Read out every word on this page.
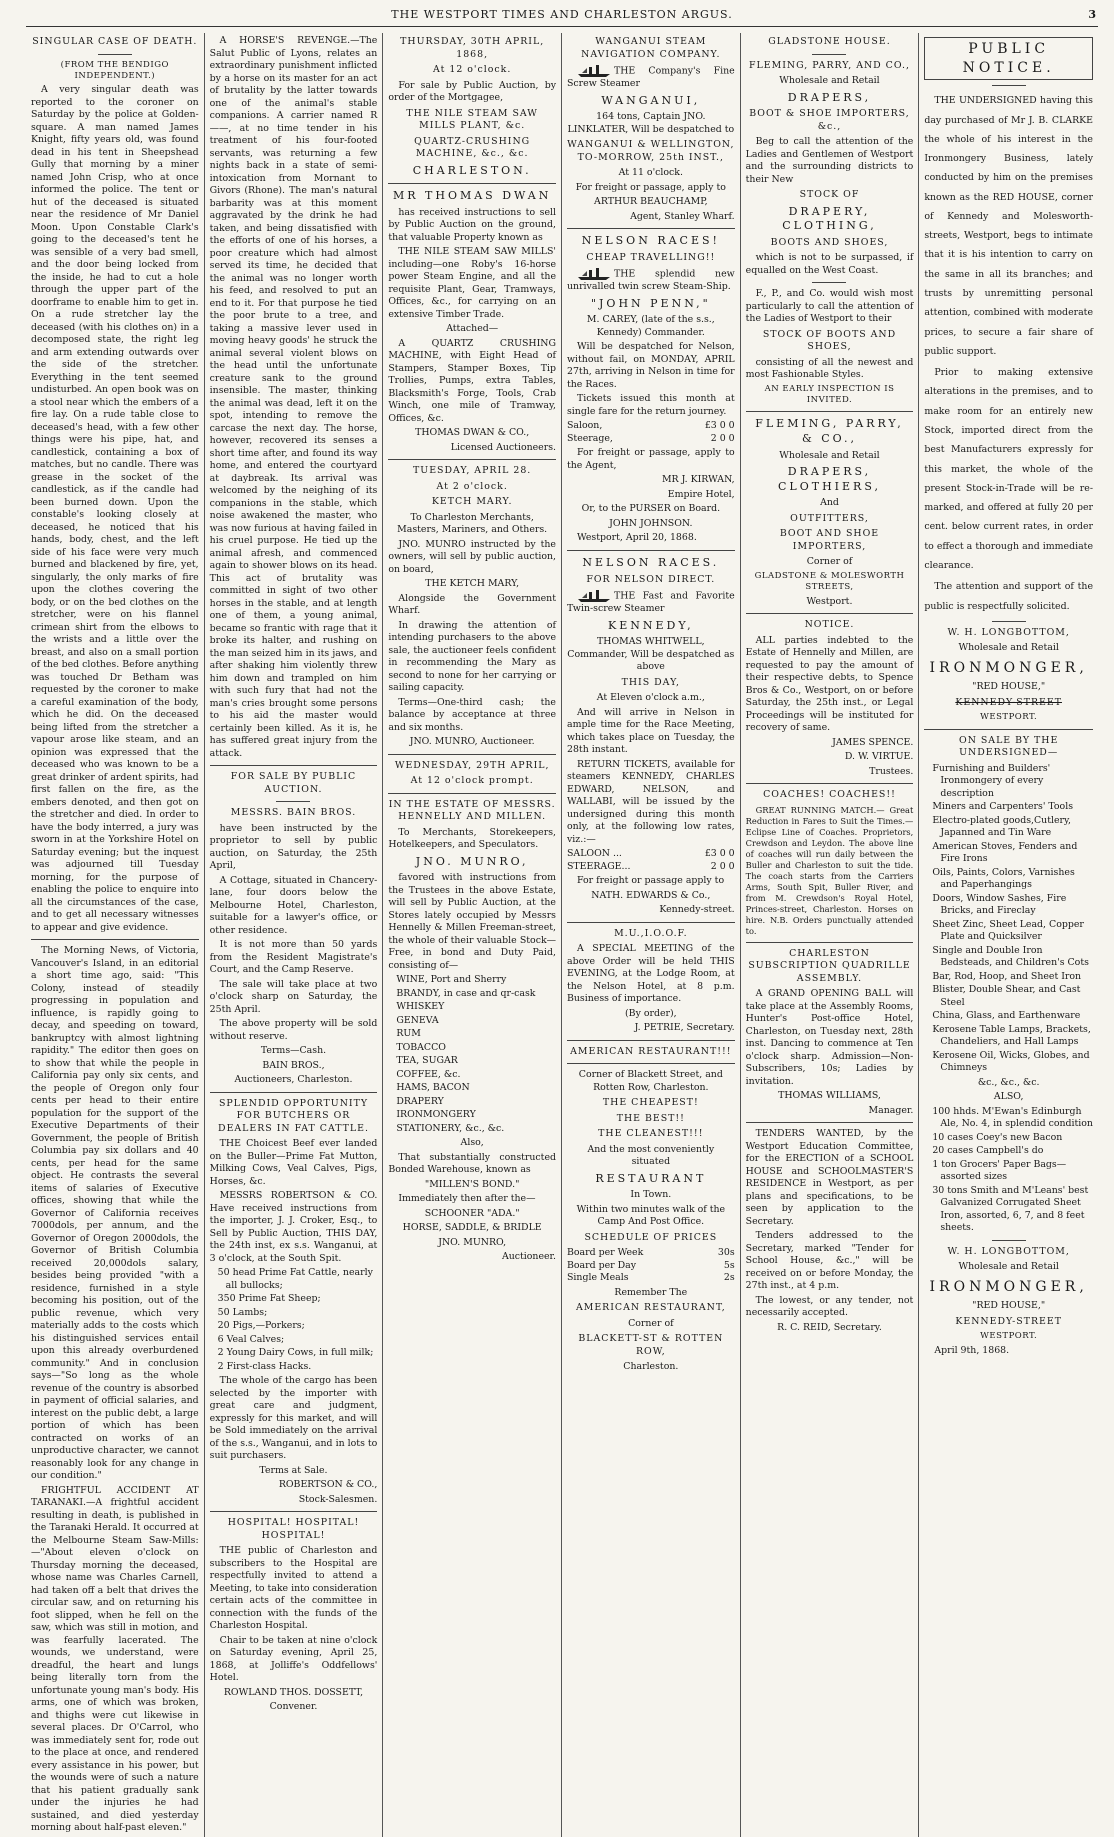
THE WESTPORT TIMES AND CHARLESTON ARGUS.	3
SINGULAR CASE OF DEATH.
(FROM THE BENDIGO INDEPENDENT.)

A very singular death was reported to the coroner on Saturday by the police at Golden-square. A man named James Knight, fifty years old, was found dead in his tent in Sheepshead Gully that morning by a miner named John Crisp, who at once informed the police. The tent or hut of the deceased is situated near the residence of Mr Daniel Moon. Upon Constable Clark's going to the deceased's tent he was sensible of a very bad smell, and the door being locked from the inside, he had to cut a hole through the upper part of the doorframe to enable him to get in. On a rude stretcher lay the deceased (with his clothes on) in a decomposed state, the right leg and arm extending outwards over the side of the stretcher. Everything in the tent seemed undisturbed. An open book was on a stool near which the embers of a fire lay. On a rude table close to deceased's head, with a few other things were his pipe, hat, and candlestick, containing a box of matches, but no candle. There was grease in the socket of the candlestick, as if the candle had been burned down. Upon the constable's looking closely at deceased, he noticed that his hands, body, chest, and the left side of his face were very much burned and blackened by fire, yet, singularly, the only marks of fire upon the clothes covering the body, or on the bed clothes on the stretcher, were on his flannel crimean shirt from the elbows to the wrists and a little over the breast, and also on a small portion of the bed clothes. Before anything was touched Dr Betham was requested by the coroner to make a careful examination of the body, which he did. On the deceased being lifted from the stretcher a vapour arose like steam, and an opinion was expressed that the deceased who was known to be a great drinker of ardent spirits, had first fallen on the fire, as the embers denoted, and then got on the stretcher and died. In order to have the body interred, a jury was sworn in at the Yorkshire Hotel on Saturday evening; but the inquest was adjourned till Tuesday morning, for the purpose of enabling the police to enquire into all the circumstances of the case, and to get all necessary witnesses to appear and give evidence.

The Morning News, of Victoria, Vancouver's Island, in an editorial a short time ago, said: "This Colony, instead of steadily progressing in population and influence, is rapidly going to decay, and speeding on toward, bankruptcy with almost lightning rapidity." The editor then goes on to show that while the people in California pay only six cents, and the people of Oregon only four cents per head to their entire population for the support of the Executive Departments of their Government, the people of British Columbia pay six dollars and 40 cents, per head for the same object. He contrasts the several items of salaries of Executive offices, showing that while the Governor of California receives 7000dols, per annum, and the Governor of Oregon 2000dols, the Governor of British Columbia received 20,000dols salary, besides being provided "with a residence, furnished in a style becoming his position, out of the public revenue, which very materially adds to the costs which his distinguished services entail upon this already overburdened community." And in conclusion says—"So long as the whole revenue of the country is absorbed in payment of official salaries, and interest on the public debt, a large portion of which has been contracted on works of an unproductive character, we cannot reasonably look for any change in our condition."

FRIGHTFUL ACCIDENT AT TARANAKI.—A frightful accident resulting in death, is published in the Taranaki Herald. It occurred at the Melbourne Steam Saw-Mills:—"About eleven o'clock on Thursday morning the deceased, whose name was Charles Carnell, had taken off a belt that drives the circular saw, and on returning his foot slipped, when he fell on the saw, which was still in motion, and was fearfully lacerated. The wounds, we understand, were dreadful, the heart and lungs being literally torn from the unfortunate young man's body. His arms, one of which was broken, and thighs were cut likewise in several places. Dr O'Carrol, who was immediately sent for, rode out to the place at once, and rendered every assistance in his power, but the wounds were of such a nature that his patient gradually sank under the injuries he had sustained, and died yesterday morning about half-past eleven."

A HORSE'S REVENGE.—The Salut Public of Lyons, relates an extraordinary punishment inflicted by a horse on its master for an act of brutality by the latter towards one of the animal's stable companions. A carrier named R——, at no time tender in his treatment of his four-footed servants, was returning a few nights back in a state of semi-intoxication from Mornant to Givors (Rhone). The man's natural barbarity was at this moment aggravated by the drink he had taken, and being dissatisfied with the efforts of one of his horses, a poor creature which had almost served its time, he decided that the animal was no longer worth his feed, and resolved to put an end to it. For that purpose he tied the poor brute to a tree, and taking a massive lever used in moving heavy goods' he struck the animal several violent blows on the head until the unfortunate creature sank to the ground insensible. The master, thinking the animal was dead, left it on the spot, intending to remove the carcase the next day. The horse, however, recovered its senses a short time after, and found its way home, and entered the courtyard at daybreak. Its arrival was welcomed by the neighing of its companions in the stable, which noise awakened the master, who was now furious at having failed in his cruel purpose. He tied up the animal afresh, and commenced again to shower blows on its head. This act of brutality was committed in sight of two other horses in the stable, and at length one of them, a young animal, became so frantic with rage that it broke its halter, and rushing on the man seized him in its jaws, and after shaking him violently threw him down and trampled on him with such fury that had not the man's cries brought some persons to his aid the master would certainly been killed. As it is, he has suffered great injury from the attack.

FOR SALE BY PUBLIC AUCTION.
MESSRS. BAIN BROS.

have been instructed by the proprietor to sell by public auction, on Saturday, the 25th April,

A Cottage, situated in Chancery-lane, four doors below the Melbourne Hotel, Charleston, suitable for a lawyer's office, or other residence.

It is not more than 50 yards from the Resident Magistrate's Court, and the Camp Reserve.

The sale will take place at two o'clock sharp on Saturday, the 25th April.

The above property will be sold without reserve.

Terms—Cash.

BAIN BROS.,

Auctioneers, Charleston.

SPLENDID OPPORTUNITY FOR BUTCHERS OR DEALERS IN FAT CATTLE.

THE Choicest Beef ever landed on the Buller—Prime Fat Mutton, Milking Cows, Veal Calves, Pigs, Horses, &c.

MESSRS ROBERTSON & CO. Have received instructions from the importer, J. J. Croker, Esq., to Sell by Public Auction, THIS DAY, the 24th inst, ex s.s. Wanganui, at 3 o'clock, at the South Spit.

50 head Prime Fat Cattle, nearly all bullocks;
350 Prime Fat Sheep;
50 Lambs;
20 Pigs,—Porkers;
6 Veal Calves;
2 Young Dairy Cows, in full milk;
2 First-class Hacks.

The whole of the cargo has been selected by the importer with great care and judgment, expressly for this market, and will be Sold immediately on the arrival of the s.s., Wanganui, and in lots to suit purchasers.

Terms at Sale.

ROBERTSON & CO.,

Stock-Salesmen.

HOSPITAL! HOSPITAL! HOSPITAL!

THE public of Charleston and subscribers to the Hospital are respectfully invited to attend a Meeting, to take into consideration certain acts of the committee in connection with the funds of the Charleston Hospital.

Chair to be taken at nine o'clock on Saturday evening, April 25, 1868, at Jolliffe's Oddfellows' Hotel.

ROWLAND THOS. DOSSETT,

Convener.

THURSDAY, 30TH APRIL, 1868,
At 12 o'clock.

For sale by Public Auction, by order of the Mortgagee,

THE NILE STEAM SAW MILLS PLANT, &c.
QUARTZ-CRUSHING MACHINE, &c., &c.
CHARLESTON.
MR THOMAS DWAN

has received instructions to sell by Public Auction on the ground, that valuable Property known as

THE NILE STEAM SAW MILLS' including—one Roby's 16-horse power Steam Engine, and all the requisite Plant, Gear, Tramways, Offices, &c., for carrying on an extensive Timber Trade.

Attached—

A QUARTZ CRUSHING MACHINE, with Eight Head of Stampers, Stamper Boxes, Tip Trollies, Pumps, extra Tables, Blacksmith's Forge, Tools, Crab Winch, one mile of Tramway, Offices, &c.

THOMAS DWAN & CO.,

Licensed Auctioneers.

TUESDAY, APRIL 28.
At 2 o'clock.
KETCH MARY.

To Charleston Merchants, Masters, Mariners, and Others.

JNO. MUNRO instructed by the owners, will sell by public auction, on board,

THE KETCH MARY,

Alongside the Government Wharf.

In drawing the attention of intending purchasers to the above sale, the auctioneer feels confident in recommending the Mary as second to none for her carrying or sailing capacity.

Terms—One-third cash; the balance by acceptance at three and six months.

JNO. MUNRO, Auctioneer.

WEDNESDAY, 29TH APRIL,
At 12 o'clock prompt.
IN THE ESTATE OF MESSRS. HENNELLY AND MILLEN.

To Merchants, Storekeepers, Hotelkeepers, and Speculators.

JNO. MUNRO,

favored with instructions from the Trustees in the above Estate, will sell by Public Auction, at the Stores lately occupied by Messrs Hennelly & Millen Freeman-street, the whole of their valuable Stock—Free, in bond and Duty Paid, consisting of—

WINE, Port and Sherry
BRANDY, in case and qr-cask
WHISKEY
GENEVA
RUM
TOBACCO
TEA, SUGAR
COFFEE, &c.
HAMS, BACON
DRAPERY
IRONMONGERY
STATIONERY, &c., &c.

Also,

That substantially constructed Bonded Warehouse, known as

"MILLEN'S BOND."

Immediately then after the—

SCHOONER "ADA."

HORSE, SADDLE, & BRIDLE

JNO. MUNRO,

Auctioneer.

WANGANUI STEAM NAVIGATION COMPANY.

THE Company's Fine Screw Steamer

WANGANUI,

164 tons, Captain JNO. LINKLATER, Will be despatched to

WANGANUI & WELLINGTON, TO-MORROW, 25th INST.,

At 11 o'clock.

For freight or passage, apply to

ARTHUR BEAUCHAMP,

Agent, Stanley Wharf.

NELSON RACES!
CHEAP TRAVELLING!!

THE splendid new unrivalled twin screw Steam-Ship.

"JOHN PENN,"

M. CAREY, (late of the s.s., Kennedy) Commander.

Will be despatched for Nelson, without fail, on MONDAY, APRIL 27th, arriving in Nelson in time for the Races.

Tickets issued this month at single fare for the return journey.

Saloon,	£3 0 0
Steerage,	2 0 0

For freight or passage, apply to the Agent,

MR J. KIRWAN,

Empire Hotel,

Or, to the PURSER on Board.

JOHN JOHNSON.

Westport, April 20, 1868.

NELSON RACES.
FOR NELSON DIRECT.

THE Fast and Favorite Twin-screw Steamer

KENNEDY,

THOMAS WHITWELL, Commander, Will be despatched as above

THIS DAY,

At Eleven o'clock a.m.,

And will arrive in Nelson in ample time for the Race Meeting, which takes place on Tuesday, the 28th instant.

RETURN TICKETS, available for steamers KENNEDY, CHARLES EDWARD, NELSON, and WALLABI, will be issued by the undersigned during this month only, at the following low rates, viz.:—

SALOON ...	£3 0 0
STEERAGE...	2 0 0

For freight or passage apply to

NATH. EDWARDS & Co.,

Kennedy-street.

M.U.,I.O.O.F.

A SPECIAL MEETING of the above Order will be held THIS EVENING, at the Lodge Room, at the Nelson Hotel, at 8 p.m. Business of importance.

(By order),

J. PETRIE, Secretary.

AMERICAN RESTAURANT!!!

Corner of Blackett Street, and Rotten Row, Charleston.

THE CHEAPEST!
THE BEST!!
THE CLEANEST!!!

And the most conveniently situated

RESTAURANT

In Town.

Within two minutes walk of the Camp And Post Office.

SCHEDULE OF PRICES
Board per Week	30s
Board per Day	5s
Single Meals	2s

Remember The

AMERICAN RESTAURANT,

Corner of

BLACKETT-ST & ROTTEN ROW,

Charleston.

GLADSTONE HOUSE.
FLEMING, PARRY, AND CO.,

Wholesale and Retail

DRAPERS,
BOOT & SHOE IMPORTERS, &c.,

Beg to call the attention of the Ladies and Gentlemen of Westport and the surrounding districts to their New

STOCK OF
DRAPERY, CLOTHING,
BOOTS AND SHOES,

which is not to be surpassed, if equalled on the West Coast.

F., P., and Co. would wish most particularly to call the attention of the Ladies of Westport to their

STOCK OF BOOTS AND SHOES,

consisting of all the newest and most Fashionable Styles.

AN EARLY INSPECTION IS INVITED.
FLEMING, PARRY, & CO.,

Wholesale and Retail

DRAPERS, CLOTHIERS,

And

OUTFITTERS,
BOOT AND SHOE IMPORTERS,

Corner of

GLADSTONE & MOLESWORTH STREETS,

Westport.

NOTICE.

ALL parties indebted to the Estate of Hennelly and Millen, are requested to pay the amount of their respective debts, to Spence Bros & Co., Westport, on or before Saturday, the 25th inst., or Legal Proceedings will be instituted for recovery of same.

JAMES SPENCE.

D. W. VIRTUE.

Trustees.

COACHES! COACHES!!

GREAT RUNNING MATCH.— Great Reduction in Fares to Suit the Times.—Eclipse Line of Coaches. Proprietors, Crewdson and Leydon. The above line of coaches will run daily between the Buller and Charleston to suit the tide. The coach starts from the Carriers Arms, South Spit, Buller River, and from M. Crewdson's Royal Hotel, Princes-street, Charleston. Horses on hire. N.B. Orders punctually attended to.

CHARLESTON SUBSCRIPTION QUADRILLE ASSEMBLY.

A GRAND OPENING BALL will take place at the Assembly Rooms, Hunter's Post-office Hotel, Charleston, on Tuesday next, 28th inst. Dancing to commence at Ten o'clock sharp. Admission—Non-Subscribers, 10s; Ladies by invitation.

THOMAS WILLIAMS,

Manager.

TENDERS WANTED, by the Westport Education Committee, for the ERECTION of a SCHOOL HOUSE and SCHOOLMASTER'S RESIDENCE in Westport, as per plans and specifications, to be seen by application to the Secretary.

Tenders addressed to the Secretary, marked "Tender for School House, &c.," will be received on or before Monday, the 27th inst., at 4 p.m.

The lowest, or any tender, not necessarily accepted.

R. C. REID, Secretary.

PUBLIC NOTICE.

THE UNDERSIGNED having this day purchased of Mr J. B. CLARKE the whole of his interest in the Ironmongery Business, lately conducted by him on the premises known as the RED HOUSE, corner of Kennedy and Molesworth-streets, Westport, begs to intimate that it is his intention to carry on the same in all its branches; and trusts by unremitting personal attention, combined with moderate prices, to secure a fair share of public support.

Prior to making extensive alterations in the premises, and to make room for an entirely new Stock, imported direct from the best Manufacturers expressly for this market, the whole of the present Stock-in-Trade will be re-marked, and offered at fully 20 per cent. below current rates, in order to effect a thorough and immediate clearance.

The attention and support of the public is respectfully solicited.

W. H. LONGBOTTOM,

Wholesale and Retail

IRONMONGER,

"RED HOUSE,"

KENNEDY-STREET
WESTPORT.
ON SALE BY THE UNDERSIGNED—
Furnishing and Builders' Ironmongery of every description
Miners and Carpenters' Tools
Electro-plated goods,Cutlery, Japanned and Tin Ware
American Stoves, Fenders and Fire Irons
Oils, Paints, Colors, Varnishes and Paperhangings
Doors, Window Sashes, Fire Bricks, and Fireclay
Sheet Zinc, Sheet Lead, Copper Plate and Quicksilver
Single and Double Iron Bedsteads, and Children's Cots
Bar, Rod, Hoop, and Sheet Iron
Blister, Double Shear, and Cast Steel
China, Glass, and Earthenware
Kerosene Table Lamps, Brackets, Chandeliers, and Hall Lamps
Kerosene Oil, Wicks, Globes, and Chimneys

&c., &c., &c.

ALSO,

100 hhds. M'Ewan's Edinburgh Ale, No. 4, in splendid condition
10 cases Coey's new Bacon
20 cases Campbell's do
1 ton Grocers' Paper Bags—assorted sizes
30 tons Smith and M'Leans' best Galvanized Corrugated Sheet Iron, assorted, 6, 7, and 8 feet sheets.
W. H. LONGBOTTOM,

Wholesale and Retail

IRONMONGER,

"RED HOUSE,"

KENNEDY-STREET
WESTPORT.

April 9th, 1868.
